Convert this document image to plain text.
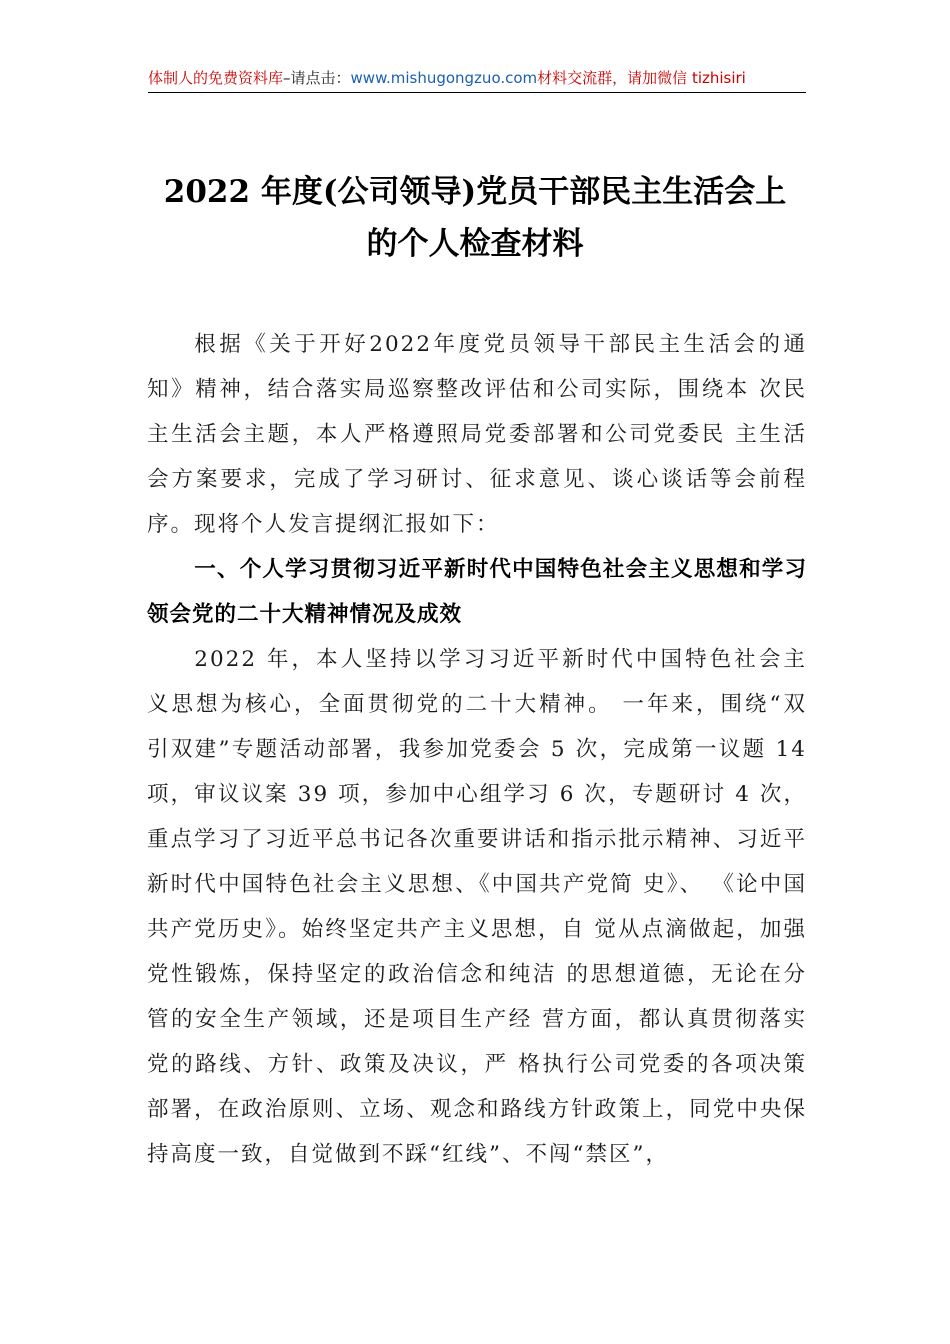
体制人的免费资料库–请点击：www.mishugongzuo.com材料交流群，请加微信 tizhisiri
2022 年度(公司领导)党员干部民主生活会上
的个人检查材料

根据《关于开好2022年度党员领导干部民主生活会的通知》精神，结合落实局巡察整改评估和公司实际，围绕本 次民主生活会主题，本人严格遵照局党委部署和公司党委民 主生活会方案要求，完成了学习研讨、征求意见、谈心谈话等会前程序。现将个人发言提纲汇报如下：

一、个人学习贯彻习近平新时代中国特色社会主义思想和学习领会党的二十大精神情况及成效

2022 年，本人坚持以学习习近平新时代中国特色社会主 义思想为核心，全面贯彻党的二十大精神。 一年来，围绕“双 引双建”专题活动部署，我参加党委会 5 次，完成第一议题 14 项，审议议案 39 项，参加中心组学习 6 次，专题研讨 4 次，重点学习了习近平总书记各次重要讲话和指示批示精神、习近平新时代中国特色社会主义思想、《中国共产党简 史》、 《论中国共产党历史》。始终坚定共产主义思想，自 觉从点滴做起，加强党性锻炼，保持坚定的政治信念和纯洁 的思想道德，无论在分管的安全生产领域，还是项目生产经 营方面，都认真贯彻落实党的路线、方针、政策及决议，严 格执行公司党委的各项决策部署，在政治原则、立场、观念和路线方针政策上，同党中央保持高度一致，自觉做到不踩“红线”、不闯“禁区”，
